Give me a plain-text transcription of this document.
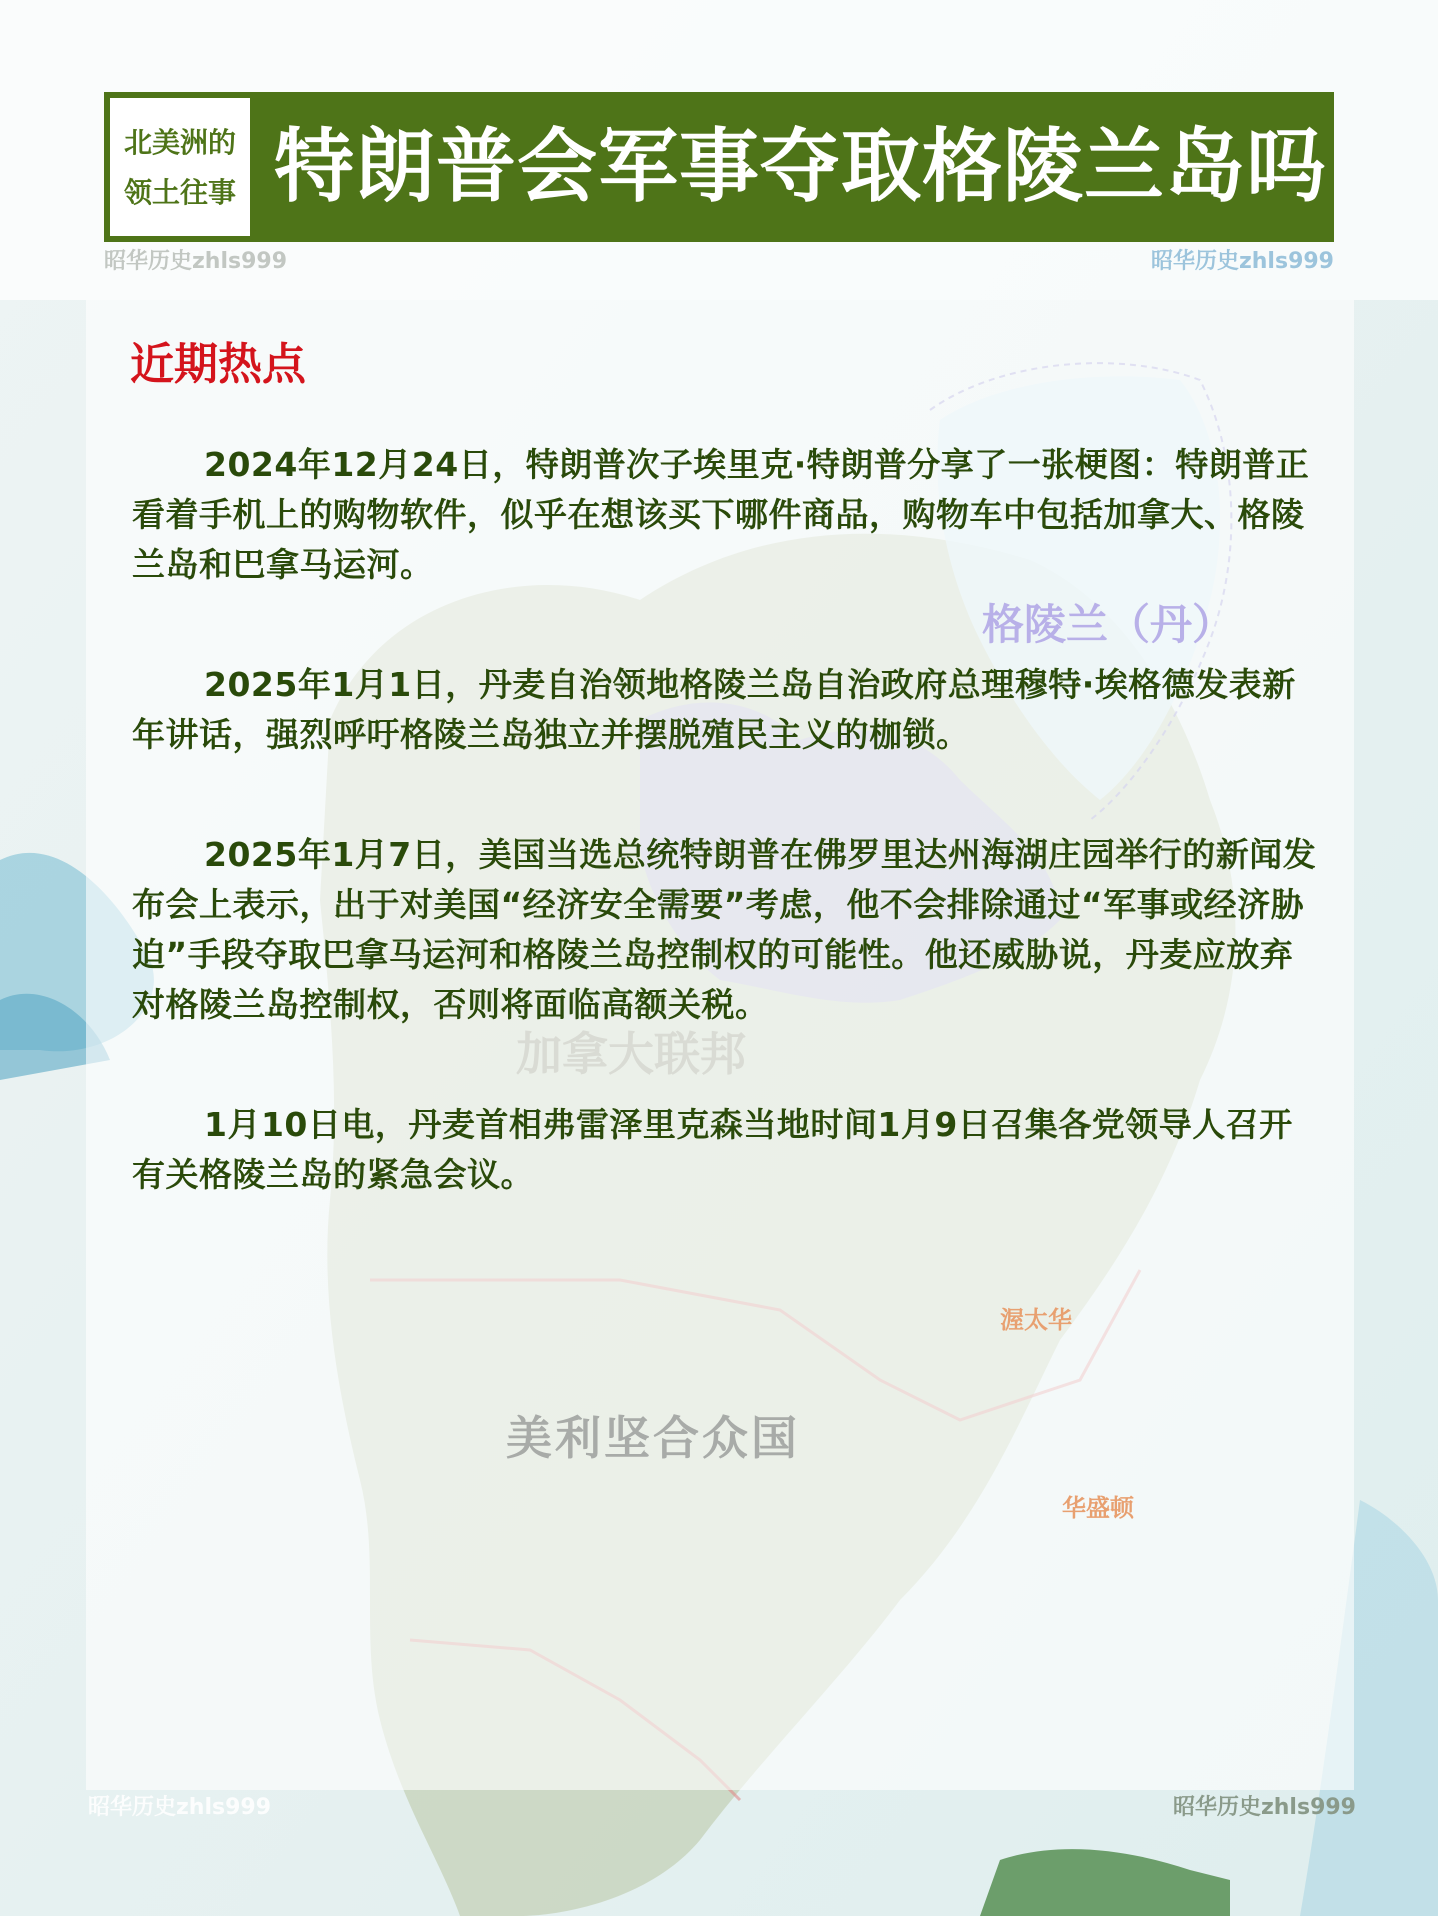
格陵兰（丹）
加拿大联邦
美利坚合众国
渥太华
华盛顿
北美洲的
领土往事 特朗普会军事夺取格陵兰岛吗
昭华历史zhls999	昭华历史zhls999
近期热点

2024年12月24日，特朗普次子埃里克·特朗普分享了一张梗图：特朗普正看着手机上的购物软件，似乎在想该买下哪件商品，购物车中包括加拿大、格陵兰岛和巴拿马运河。

2025年1月1日，丹麦自治领地格陵兰岛自治政府总理穆特·埃格德发表新年讲话，强烈呼吁格陵兰岛独立并摆脱殖民主义的枷锁。

2025年1月7日，美国当选总统特朗普在佛罗里达州海湖庄园举行的新闻发布会上表示，出于对美国“经济安全需要”考虑，他不会排除通过“军事或经济胁迫”手段夺取巴拿马运河和格陵兰岛控制权的可能性。他还威胁说，丹麦应放弃对格陵兰岛控制权，否则将面临高额关税。

1月10日电，丹麦首相弗雷泽里克森当地时间1月9日召集各党领导人召开有关格陵兰岛的紧急会议。

昭华历史zhls999	昭华历史zhls999
